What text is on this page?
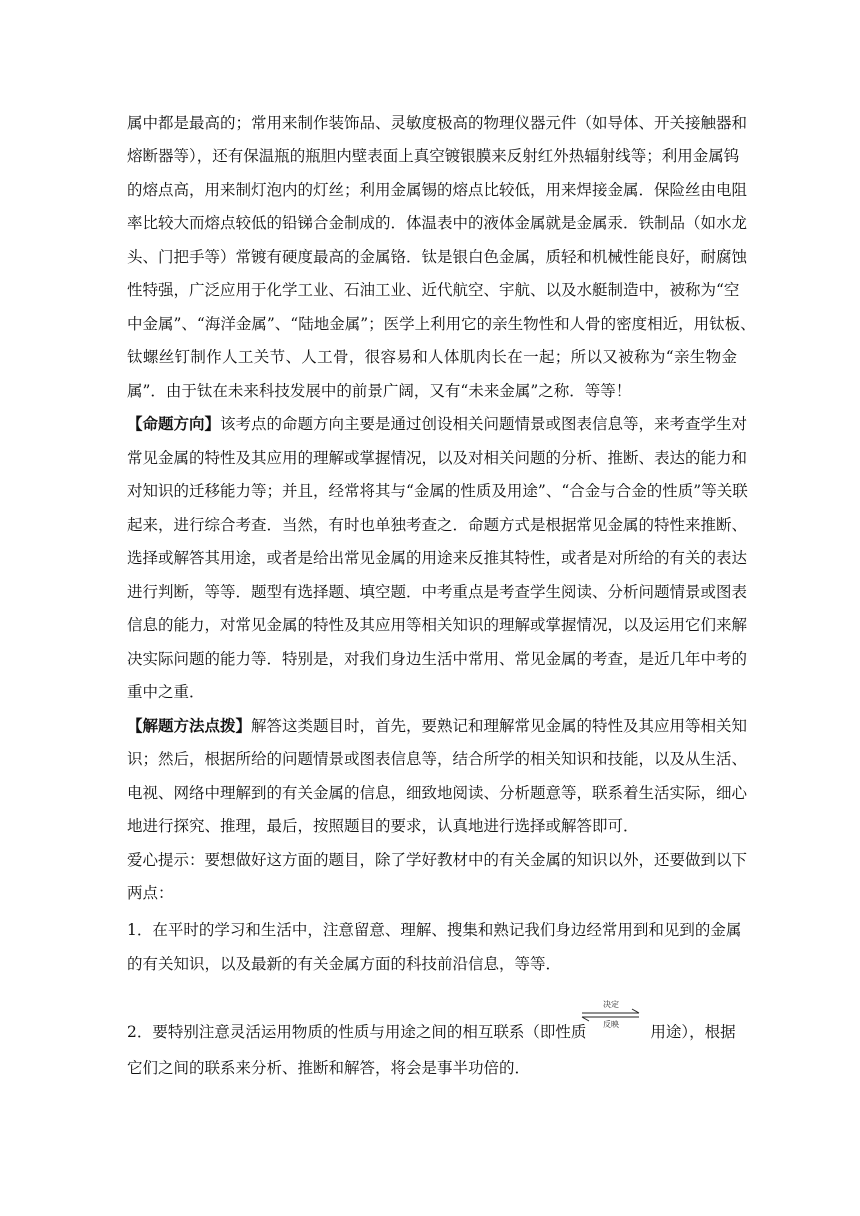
属中都是最高的；常用来制作装饰品、灵敏度极高的物理仪器元件（如导体、开关接触器和
熔断器等），还有保温瓶的瓶胆内壁表面上真空镀银膜来反射红外热辐射线等；利用金属钨
的熔点高，用来制灯泡内的灯丝；利用金属锡的熔点比较低，用来焊接金属．保险丝由电阻
率比较大而熔点较低的铅锑合金制成的．体温表中的液体金属就是金属汞．铁制品（如水龙
头、门把手等）常镀有硬度最高的金属铬．钛是银白色金属，质轻和机械性能良好，耐腐蚀
性特强，广泛应用于化学工业、石油工业、近代航空、宇航、以及水艇制造中，被称为“空
中金属”、“海洋金属”、“陆地金属”；医学上利用它的亲生物性和人骨的密度相近，用钛板、
钛螺丝钉制作人工关节、人工骨，很容易和人体肌肉长在一起；所以又被称为“亲生物金
属”．由于钛在未来科技发展中的前景广阔，又有“未来金属”之称．等等！
【命题方向】该考点的命题方向主要是通过创设相关问题情景或图表信息等，来考查学生对
常见金属的特性及其应用的理解或掌握情况，以及对相关问题的分析、推断、表达的能力和
对知识的迁移能力等；并且，经常将其与“金属的性质及用途”、“合金与合金的性质”等关联
起来，进行综合考查．当然，有时也单独考查之．命题方式是根据常见金属的特性来推断、
选择或解答其用途，或者是给出常见金属的用途来反推其特性，或者是对所给的有关的表达
进行判断，等等．题型有选择题、填空题．中考重点是考查学生阅读、分析问题情景或图表
信息的能力，对常见金属的特性及其应用等相关知识的理解或掌握情况，以及运用它们来解
决实际问题的能力等．特别是，对我们身边生活中常用、常见金属的考查，是近几年中考的
重中之重．
【解题方法点拨】解答这类题目时，首先，要熟记和理解常见金属的特性及其应用等相关知
识；然后，根据所给的问题情景或图表信息等，结合所学的相关知识和技能，以及从生活、
电视、网络中理解到的有关金属的信息，细致地阅读、分析题意等，联系着生活实际，细心
地进行探究、推理，最后，按照题目的要求，认真地进行选择或解答即可．
爱心提示：要想做好这方面的题目，除了学好教材中的有关金属的知识以外，还要做到以下
两点：
1．在平时的学习和生活中，注意留意、理解、搜集和熟记我们身边经常用到和见到的金属
的有关知识，以及最新的有关金属方面的科技前沿信息，等等．
2．要特别注意灵活运用物质的性质与用途之间的相互联系（即性质	用途），根据
决定
反映
它们之间的联系来分析、推断和解答，将会是事半功倍的．
